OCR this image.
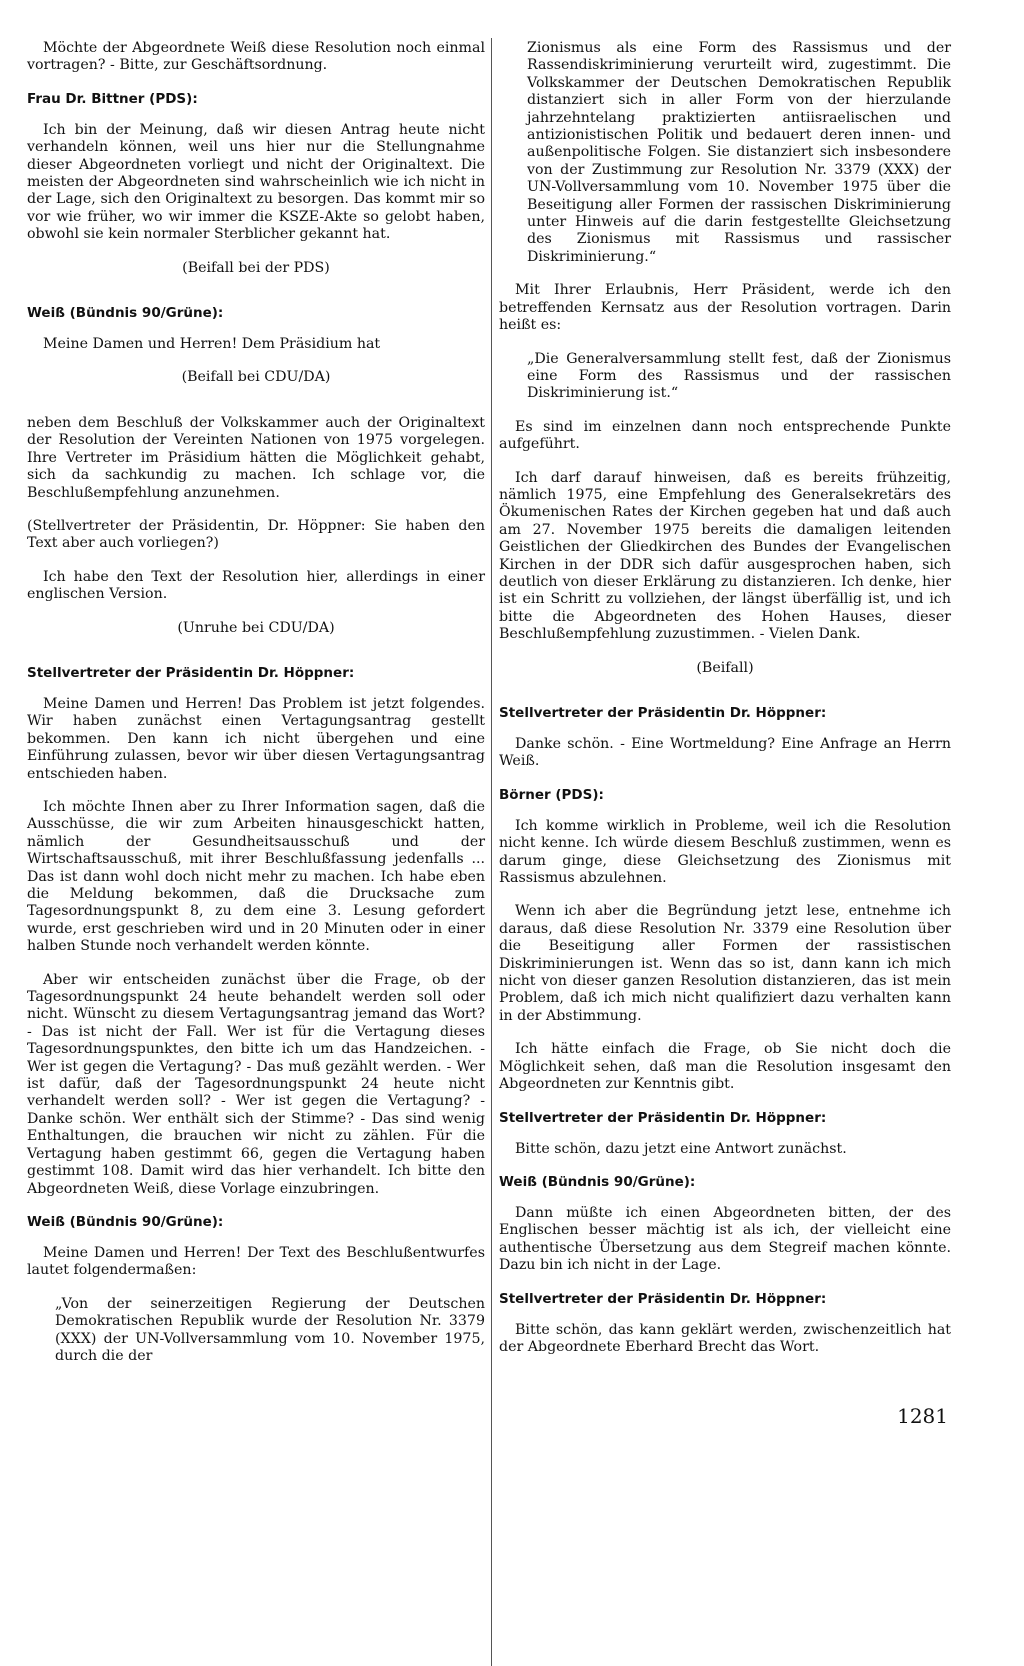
Möchte der Abgeordnete Weiß diese Resolution noch einmal vortragen? - Bitte, zur Geschäftsordnung.

Frau Dr. Bittner (PDS):

Ich bin der Meinung, daß wir diesen Antrag heute nicht verhandeln können, weil uns hier nur die Stellungnahme dieser Abgeordneten vorliegt und nicht der Originaltext. Die meisten der Abgeordneten sind wahrscheinlich wie ich nicht in der Lage, sich den Originaltext zu besorgen. Das kommt mir so vor wie früher, wo wir immer die KSZE-Akte so gelobt haben, obwohl sie kein normaler Sterblicher gekannt hat.

(Beifall bei der PDS)

Weiß (Bündnis 90/Grüne):

Meine Damen und Herren! Dem Präsidium hat

(Beifall bei CDU/DA)

neben dem Beschluß der Volkskammer auch der Originaltext der Resolution der Vereinten Nationen von 1975 vorgelegen. Ihre Vertreter im Präsidium hätten die Möglichkeit gehabt, sich da sachkundig zu machen. Ich schlage vor, die Beschlußempfehlung anzunehmen.

(Stellvertreter der Präsidentin, Dr. Höppner: Sie haben den Text aber auch vorliegen?)

Ich habe den Text der Resolution hier, allerdings in einer englischen Version.

(Unruhe bei CDU/DA)

Stellvertreter der Präsidentin Dr. Höppner:

Meine Damen und Herren! Das Problem ist jetzt folgendes. Wir haben zunächst einen Vertagungsantrag gestellt bekommen. Den kann ich nicht übergehen und eine Einführung zulassen, bevor wir über diesen Vertagungsantrag entschieden haben.

Ich möchte Ihnen aber zu Ihrer Information sagen, daß die Ausschüsse, die wir zum Arbeiten hinausgeschickt hatten, nämlich der Gesundheitsausschuß und der Wirtschaftsausschuß, mit ihrer Beschlußfassung jedenfalls ... Das ist dann wohl doch nicht mehr zu machen. Ich habe eben die Meldung bekommen, daß die Drucksache zum Tagesordnungspunkt 8, zu dem eine 3. Lesung gefordert wurde, erst geschrieben wird und in 20 Minuten oder in einer halben Stunde noch verhandelt werden könnte.

Aber wir entscheiden zunächst über die Frage, ob der Tagesordnungspunkt 24 heute behandelt werden soll oder nicht. Wünscht zu diesem Vertagungsantrag jemand das Wort? - Das ist nicht der Fall. Wer ist für die Vertagung dieses Tagesordnungspunktes, den bitte ich um das Handzeichen. - Wer ist gegen die Vertagung? - Das muß gezählt werden. - Wer ist dafür, daß der Tagesordnungspunkt 24 heute nicht verhandelt werden soll? - Wer ist gegen die Vertagung? - Danke schön. Wer enthält sich der Stimme? - Das sind wenig Enthaltungen, die brauchen wir nicht zu zählen. Für die Vertagung haben gestimmt 66, gegen die Vertagung haben gestimmt 108. Damit wird das hier verhandelt. Ich bitte den Abgeordneten Weiß, diese Vorlage einzubringen.

Weiß (Bündnis 90/Grüne):

Meine Damen und Herren! Der Text des Beschlußentwurfes lautet folgendermaßen:

„Von der seinerzeitigen Regierung der Deutschen Demokratischen Republik wurde der Resolution Nr. 3379 (XXX) der UN-Vollversammlung vom 10. November 1975, durch die der

Zionismus als eine Form des Rassismus und der Rassendiskriminierung verurteilt wird, zugestimmt. Die Volkskammer der Deutschen Demokratischen Republik distanziert sich in aller Form von der hierzulande jahrzehntelang praktizierten antiisraelischen und antizionistischen Politik und bedauert deren innen- und außenpolitische Folgen. Sie distanziert sich insbesondere von der Zustimmung zur Resolution Nr. 3379 (XXX) der UN-Vollversammlung vom 10. November 1975 über die Beseitigung aller Formen der rassischen Diskriminierung unter Hinweis auf die darin festgestellte Gleichsetzung des Zionismus mit Rassismus und rassischer Diskriminierung.“

Mit Ihrer Erlaubnis, Herr Präsident, werde ich den betreffenden Kernsatz aus der Resolution vortragen. Darin heißt es:

„Die Generalversammlung stellt fest, daß der Zionismus eine Form des Rassismus und der rassischen Diskriminierung ist.“

Es sind im einzelnen dann noch entsprechende Punkte aufgeführt.

Ich darf darauf hinweisen, daß es bereits frühzeitig, nämlich 1975, eine Empfehlung des Generalsekretärs des Ökumenischen Rates der Kirchen gegeben hat und daß auch am 27. November 1975 bereits die damaligen leitenden Geistlichen der Gliedkirchen des Bundes der Evangelischen Kirchen in der DDR sich dafür ausgesprochen haben, sich deutlich von dieser Erklärung zu distanzieren. Ich denke, hier ist ein Schritt zu vollziehen, der längst überfällig ist, und ich bitte die Abgeordneten des Hohen Hauses, dieser Beschlußempfehlung zuzustimmen. - Vielen Dank.

(Beifall)

Stellvertreter der Präsidentin Dr. Höppner:

Danke schön. - Eine Wortmeldung? Eine Anfrage an Herrn Weiß.

Börner (PDS):

Ich komme wirklich in Probleme, weil ich die Resolution nicht kenne. Ich würde diesem Beschluß zustimmen, wenn es darum ginge, diese Gleichsetzung des Zionismus mit Rassismus abzulehnen.

Wenn ich aber die Begründung jetzt lese, entnehme ich daraus, daß diese Resolution Nr. 3379 eine Resolution über die Beseitigung aller Formen der rassistischen Diskriminierungen ist. Wenn das so ist, dann kann ich mich nicht von dieser ganzen Resolution distanzieren, das ist mein Problem, daß ich mich nicht qualifiziert dazu verhalten kann in der Abstimmung.

Ich hätte einfach die Frage, ob Sie nicht doch die Möglichkeit sehen, daß man die Resolution insgesamt den Abgeordneten zur Kenntnis gibt.

Stellvertreter der Präsidentin Dr. Höppner:

Bitte schön, dazu jetzt eine Antwort zunächst.

Weiß (Bündnis 90/Grüne):

Dann müßte ich einen Abgeordneten bitten, der des Englischen besser mächtig ist als ich, der vielleicht eine authentische Übersetzung aus dem Stegreif machen könnte. Dazu bin ich nicht in der Lage.

Stellvertreter der Präsidentin Dr. Höppner:

Bitte schön, das kann geklärt werden, zwischenzeitlich hat der Abgeordnete Eberhard Brecht das Wort.

1281
